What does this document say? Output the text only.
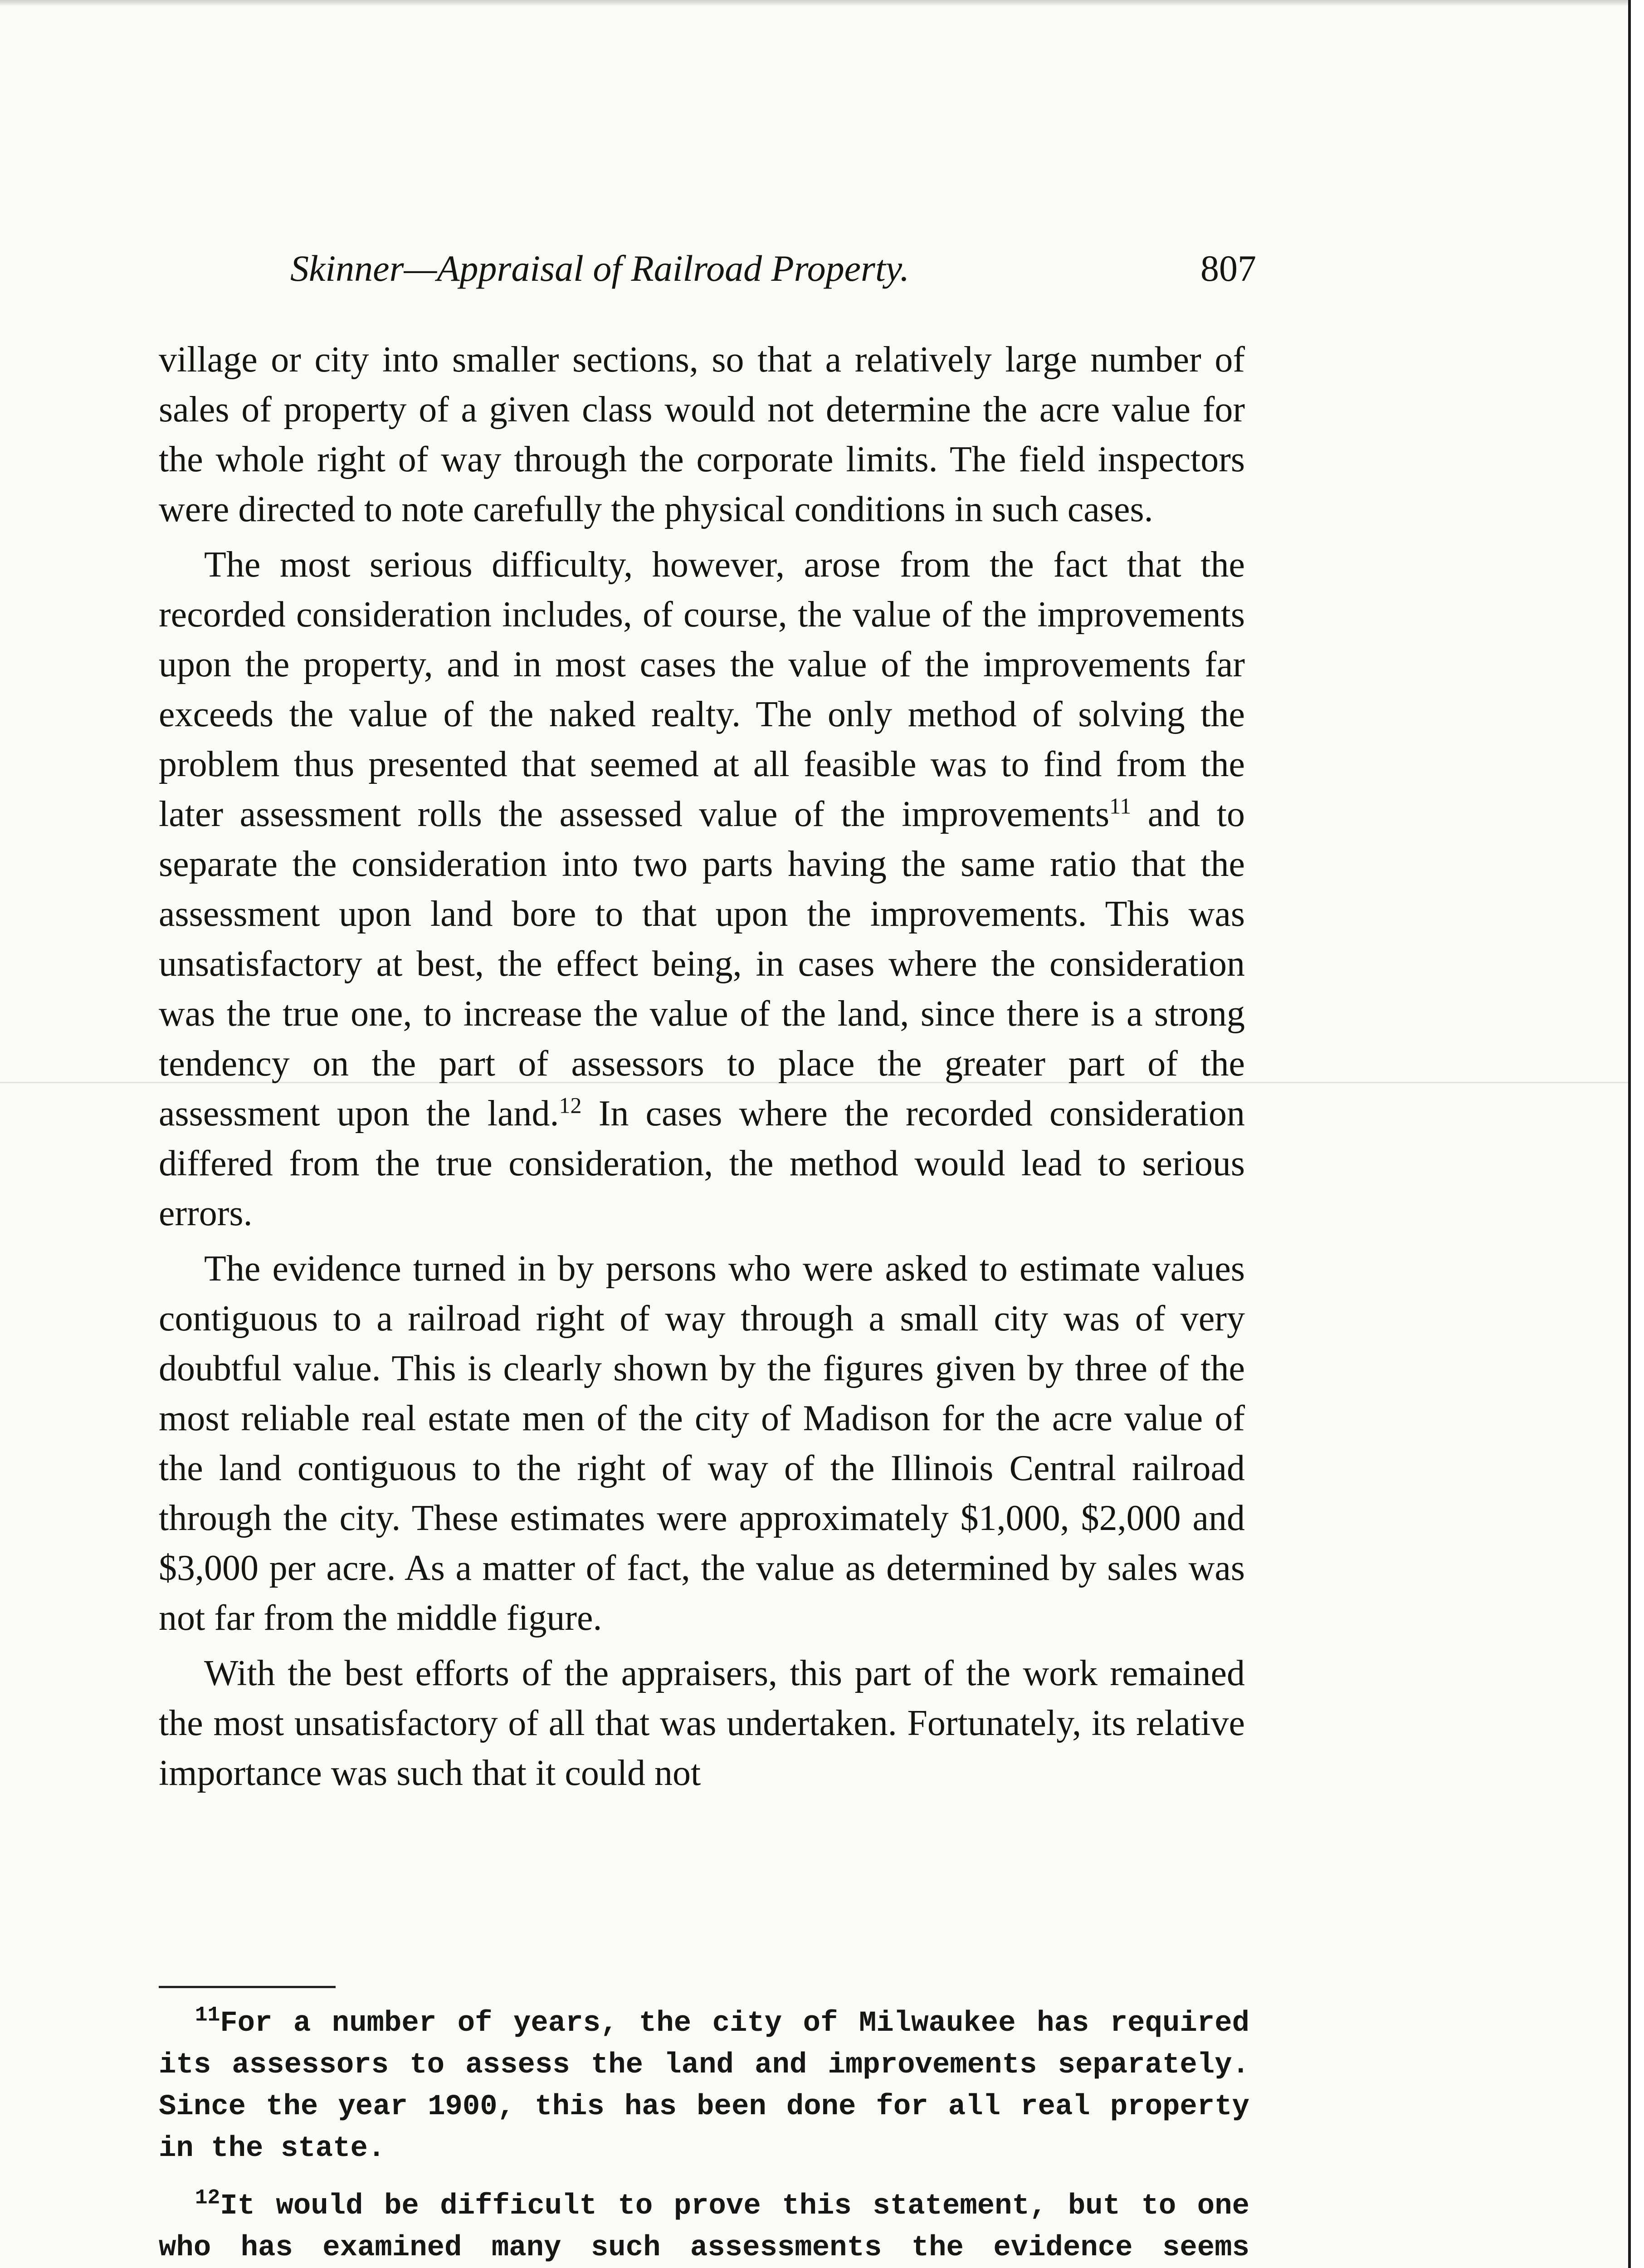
Skinner—Appraisal of Railroad Property.	807

village or city into smaller sections, so that a relatively large number of sales of property of a given class would not determine the acre value for the whole right of way through the corporate limits. The field inspectors were directed to note carefully the physical conditions in such cases.

The most serious difficulty, however, arose from the fact that the recorded consideration includes, of course, the value of the improvements upon the property, and in most cases the value of the improvements far exceeds the value of the naked realty. The only method of solving the problem thus presented that seemed at all feasible was to find from the later assessment rolls the assessed value of the improvements$^{11}$ and to separate the consideration into two parts having the same ratio that the assessment upon land bore to that upon the improvements. This was unsatisfactory at best, the effect being, in cases where the consideration was the true one, to increase the value of the land, since there is a strong tendency on the part of assessors to place the greater part of the assessment upon the land.$^{12}$ In cases where the recorded consideration differed from the true consideration, the method would lead to serious errors.

The evidence turned in by persons who were asked to estimate values contiguous to a railroad right of way through a small city was of very doubtful value. This is clearly shown by the figures given by three of the most reliable real estate men of the city of Madison for the acre value of the land contiguous to the right of way of the Illinois Central railroad through the city. These estimates were approximately $1,000, $2,000 and $3,000 per acre. As a matter of fact, the value as determined by sales was not far from the middle figure.

With the best efforts of the appraisers, this part of the work remained the most unsatisfactory of all that was undertaken. Fortunately, its relative importance was such that it could not

$^{11}$For a number of years, the city of Milwaukee has required its assessors to assess the land and improvements separately. Since the year 1900, this has been done for all real property in the state.

$^{12}$It would be difficult to prove this statement, but to one who has examined many such assessments the evidence seems
